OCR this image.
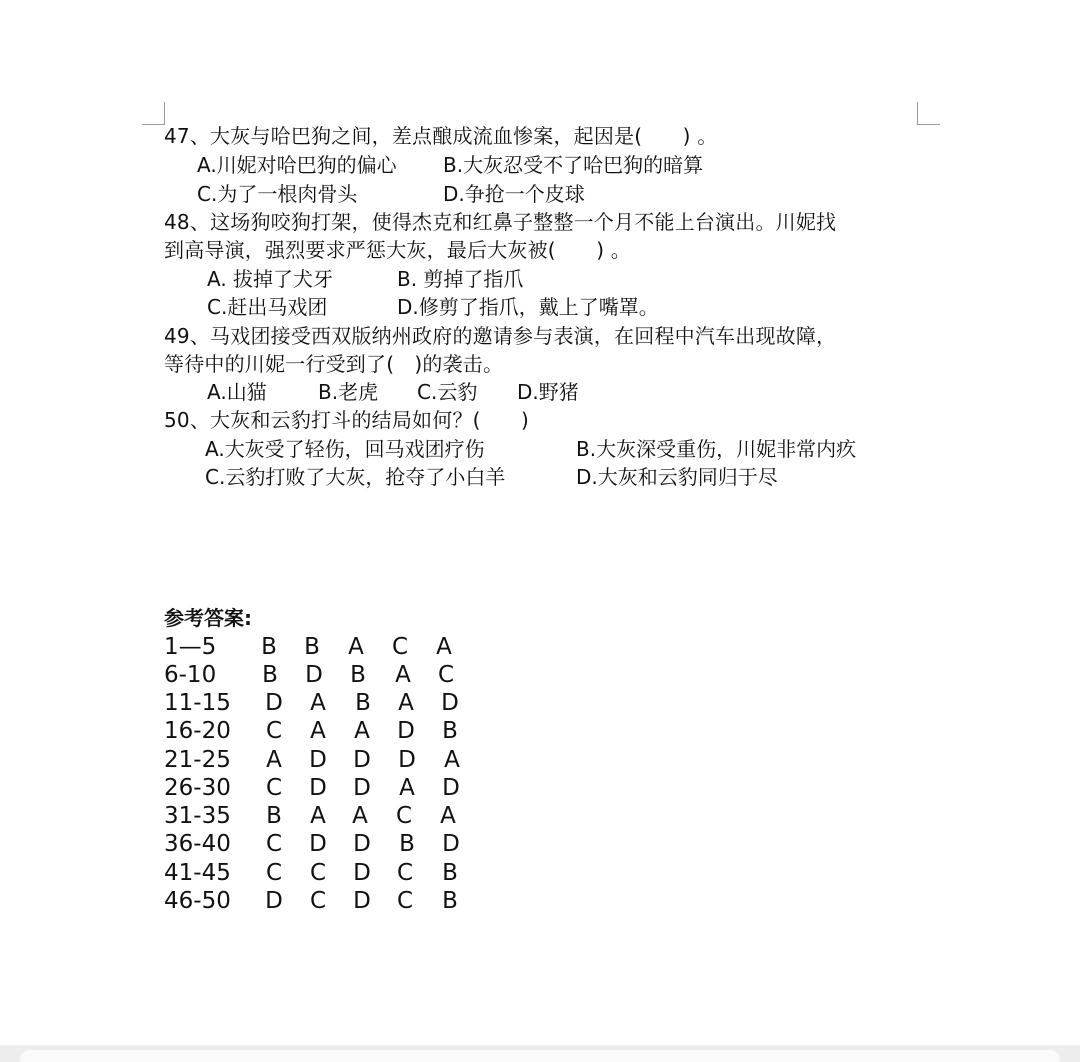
47、大灰与哈巴狗之间，差点酿成流血惨案，起因是(　　) 。
A.川妮对哈巴狗的偏心 B.大灰忍受不了哈巴狗的暗算
C.为了一根肉骨头	D.争抢一个皮球
48、这场狗咬狗打架，使得杰克和红鼻子整整一个月不能上台演出。川妮找
到高导演，强烈要求严惩大灰，最后大灰被(　　) 。
A. 拔掉了犬牙	B. 剪掉了指爪
C.赶出马戏团	D.修剪了指爪，戴上了嘴罩。
49、马戏团接受西双版纳州政府的邀请参与表演，在回程中汽车出现故障，
等待中的川妮一行受到了(　)的袭击。
A.山猫	B.老虎 C.云豹 D.野猪
50、大灰和云豹打斗的结局如何？(　　)
A.大灰受了轻伤，回马戏团疗伤	B.大灰深受重伤，川妮非常内疚
C.云豹打败了大灰，抢夺了小白羊	D.大灰和云豹同归于尽
参考答案:
1—5 B B A C A
6-10 B D B A C
11-15 D A B A D
16-20 C A A D B
21-25 A D D D A
26-30 C D D A D
31-35 B A A C A
36-40 C D D B D
41-45 C C D C B
46-50 D C D C B
